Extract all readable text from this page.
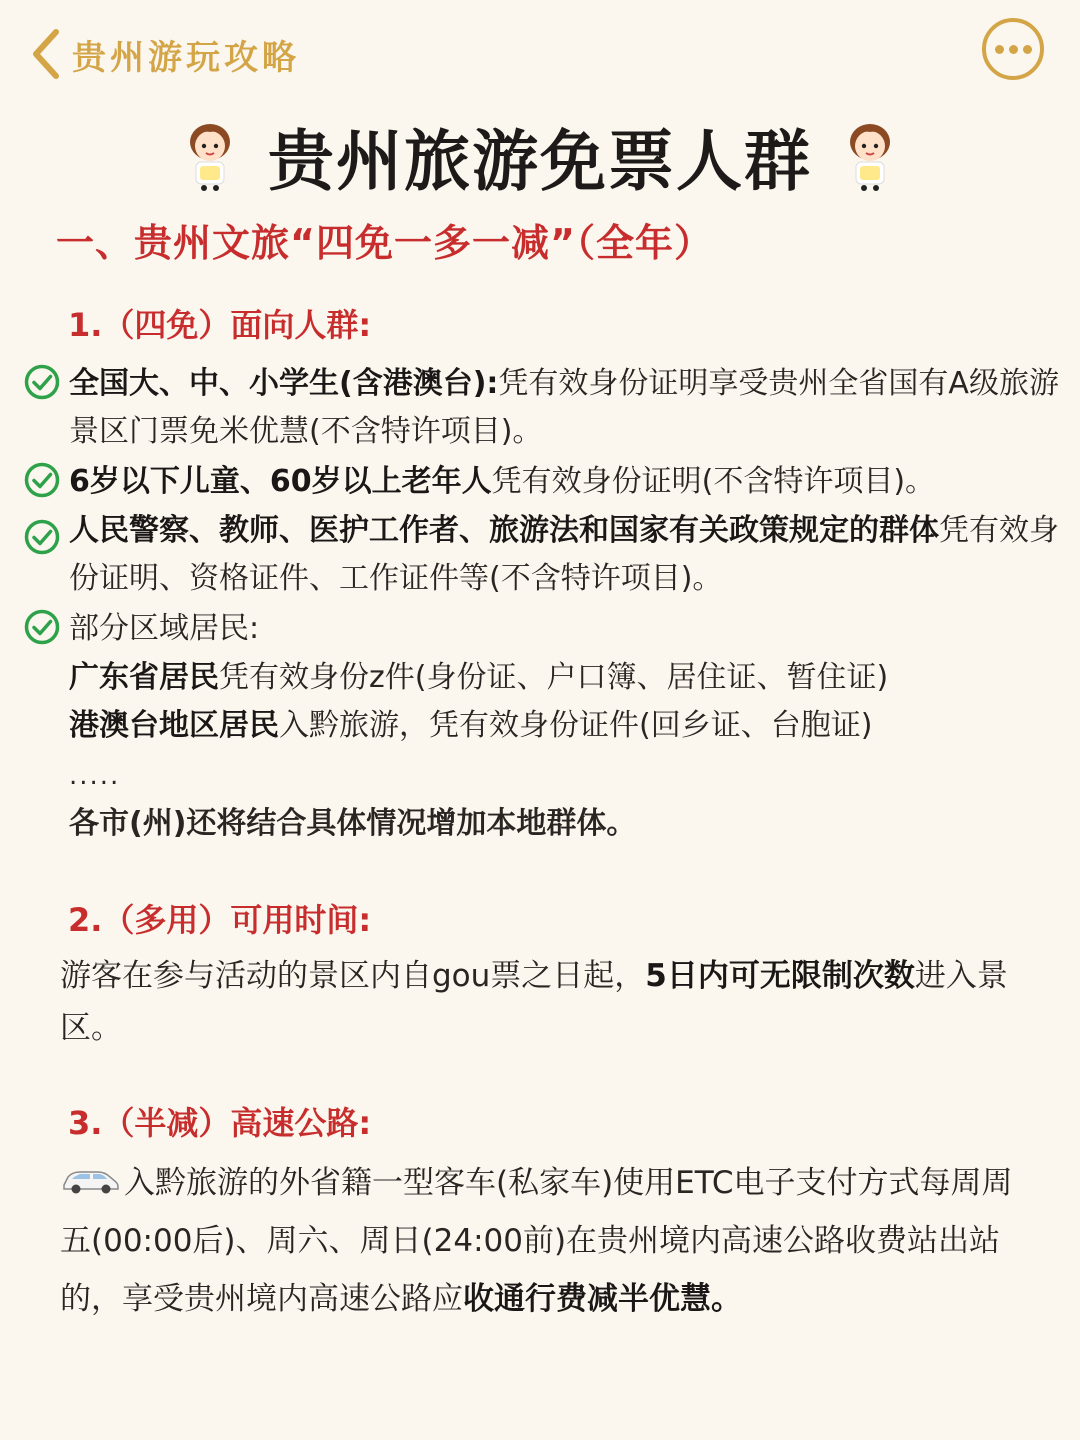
贵州游玩攻略
贵州旅游免票人群
一、贵州文旅“四免一多一减”（全年）
1.（四免）面向人群:
全国大、中、小学生(含港澳台):凭有效身份证明享受贵州全省国有A级旅游景区门票免米优慧(不含特许项目)。
6岁以下儿童、60岁以上老年人凭有效身份证明(不含特许项目)。
人民警察、教师、医护工作者、旅游法和国家有关政策规定的群体凭有效身份证明、资格证件、工作证件等(不含特许项目)。
部分区域居民:
广东省居民凭有效身份z件(身份证、户口簿、居住证、暂住证)
港澳台地区居民入黔旅游，凭有效身份证件(回乡证、台胞证)
.....
各市(州)还将结合具体情况增加本地群体。
2.（多用）可用时间:
游客在参与活动的景区内自gou票之日起，5日内可无限制次数进入景区。
3.（半减）高速公路:
入黔旅游的外省籍一型客车(私家车)使用ETC电子支付方式每周周五(00:00后)、周六、周日(24:00前)在贵州境内高速公路收费站出站的，享受贵州境内高速公路应收通行费减半优慧。
